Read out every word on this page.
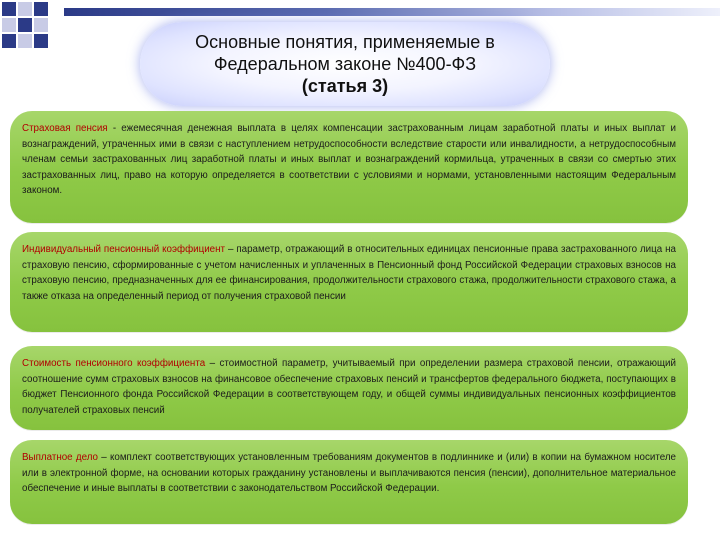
Основные понятия, применяемые в
Федеральном законе №400-ФЗ
(статья 3)
Страховая пенсия - ежемесячная денежная выплата в целях компенсации застрахованным лицам заработной платы и иных выплат и вознаграждений, утраченных ими в связи с наступлением нетрудоспособности вследствие старости или инвалидности, а нетрудоспособным членам семьи застрахованных лиц заработной платы и иных выплат и вознаграждений кормильца, утраченных в связи со смертью этих застрахованных лиц, право на которую определяется в соответствии с условиями и нормами, установленными настоящим Федеральным законом.
Индивидуальный пенсионный коэффициент – параметр, отражающий в относительных единицах пенсионные права застрахованного лица на страховую пенсию, сформированные с учетом начисленных и уплаченных в Пенсионный фонд Российской Федерации страховых взносов на страховую пенсию, предназначенных для ее финансирования, продолжительности страхового стажа, продолжительности страхового стажа, а также отказа на определенный период от получения страховой пенсии
Стоимость пенсионного коэффициента – стоимостной параметр, учитываемый при определении размера страховой пенсии, отражающий соотношение сумм страховых взносов на финансовое обеспечение страховых пенсий и трансфертов федерального бюджета, поступающих в бюджет Пенсионного фонда Российской Федерации в соответствующем году, и общей суммы индивидуальных пенсионных коэффициентов получателей страховых пенсий
Выплатное дело – комплект соответствующих установленным требованиям документов в подлиннике и (или) в копии на бумажном носителе или в электронной форме, на основании которых гражданину установлены и выплачиваются пенсия (пенсии), дополнительное материальное обеспечение и иные выплаты в соответствии с законодательством Российской Федерации.
